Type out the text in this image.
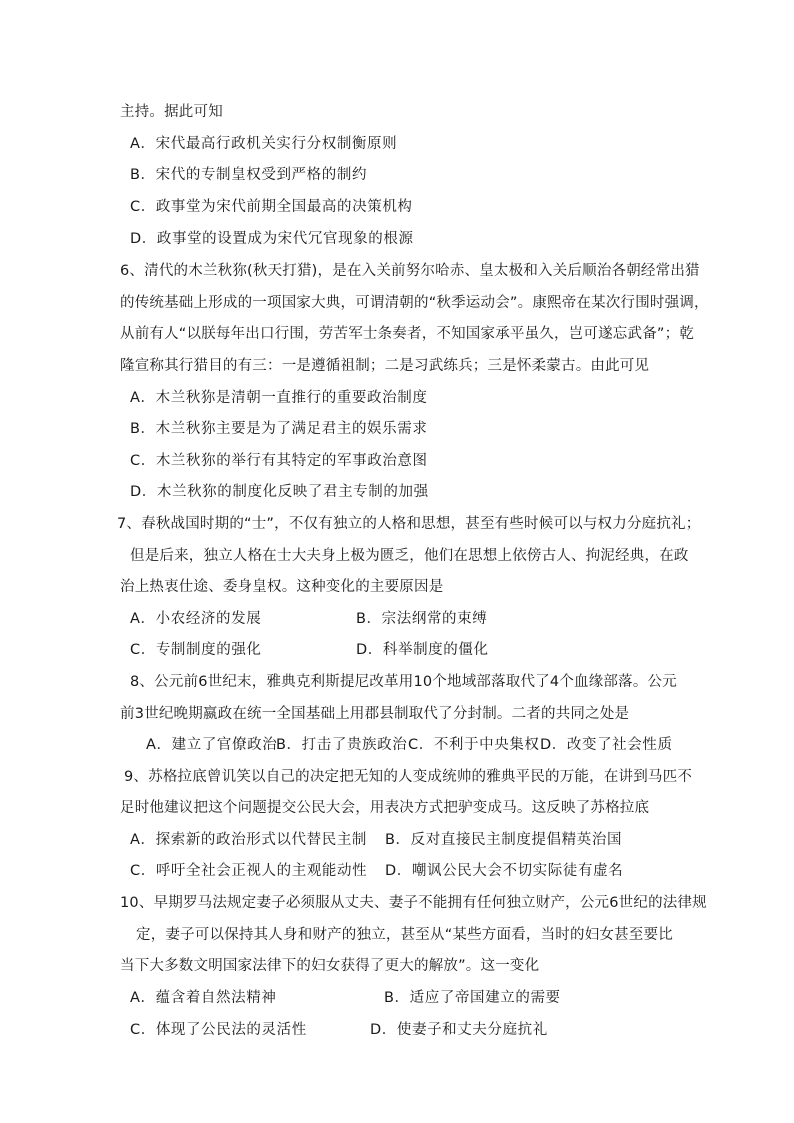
主持。据此可知
A．宋代最高行政机关实行分权制衡原则
B．宋代的专制皇权受到严格的制约
C．政事堂为宋代前期全国最高的决策机构
D．政事堂的设置成为宋代冗官现象的根源
6、清代的木兰秋狝(秋天打猎)，是在入关前努尔哈赤、皇太极和入关后顺治各朝经常出猎
的传统基础上形成的一项国家大典，可谓清朝的“秋季运动会”。康熙帝在某次行围时强调，
从前有人“以朕每年出口行围，劳苦军士条奏者，不知国家承平虽久，岂可遂忘武备”；乾
隆宣称其行猎目的有三：一是遵循祖制；二是习武练兵；三是怀柔蒙古。由此可见
A．木兰秋狝是清朝一直推行的重要政治制度
B．木兰秋狝主要是为了满足君主的娱乐需求
C．木兰秋狝的举行有其特定的军事政治意图
D．木兰秋狝的制度化反映了君主专制的加强
7、春秋战国时期的“士”，不仅有独立的人格和思想，甚至有些时候可以与权力分庭抗礼；
但是后来，独立人格在士大夫身上极为匮乏，他们在思想上依傍古人、拘泥经典，在政
治上热衷仕途、委身皇权。这种变化的主要原因是
A．小农经济的发展	B．宗法纲常的束缚
C．专制制度的强化	D．科举制度的僵化
8、公元前6世纪末，雅典克利斯提尼改革用10个地域部落取代了4个血缘部落。公元
前3世纪晚期嬴政在统一全国基础上用郡县制取代了分封制。二者的共同之处是
A．建立了官僚政治
B．打击了贵族政治 C．不利于中央集权 D．改变了社会性质
9、苏格拉底曾讥笑以自己的决定把无知的人变成统帅的雅典平民的万能，在讲到马匹不
足时他建议把这个问题提交公民大会，用表决方式把驴变成马。这反映了苏格拉底
A．探索新的政治形式以代替民主制 B．反对直接民主制度提倡精英治国
C．呼吁全社会正视人的主观能动性 D．嘲讽公民大会不切实际徒有虚名
10、早期罗马法规定妻子必须服从丈夫、妻子不能拥有任何独立财产，公元6世纪的法律规
定，妻子可以保持其人身和财产的独立，甚至从“某些方面看，当时的妇女甚至要比
当下大多数文明国家法律下的妇女获得了更大的解放”。这一变化
A．蕴含着自然法精神	B．适应了帝国建立的需要
C．体现了公民法的灵活性	D．使妻子和丈夫分庭抗礼
